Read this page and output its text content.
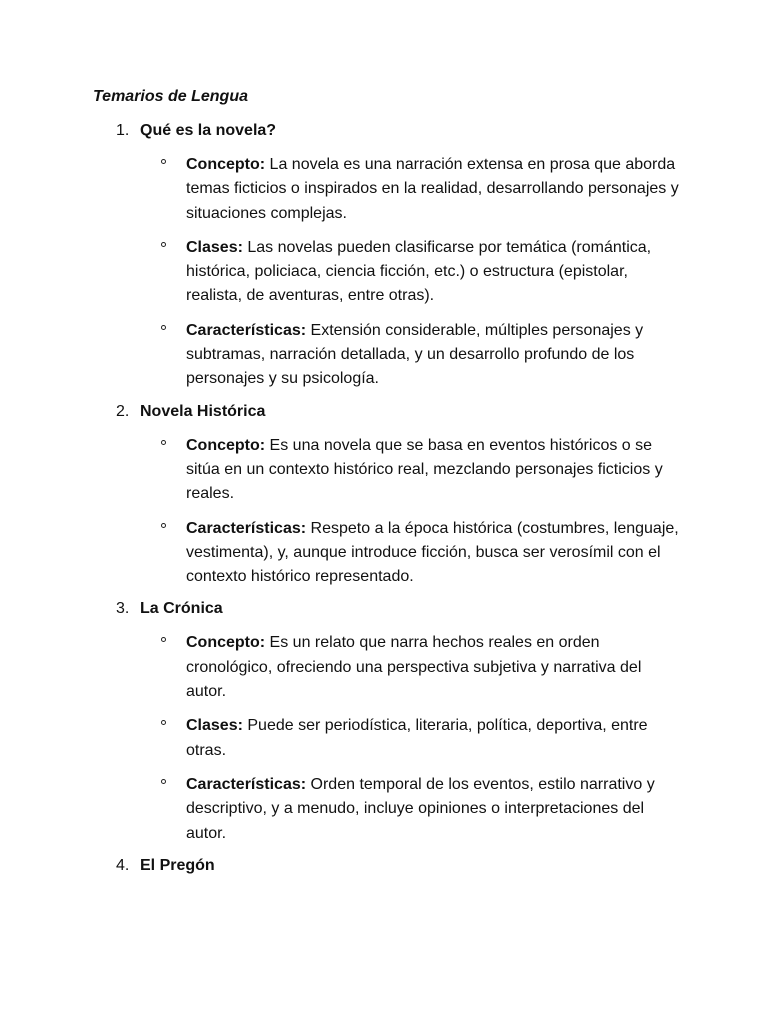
Temarios de Lengua

1. Qué es la novela?
Concepto: La novela es una narración extensa en prosa que aborda temas ficticios o inspirados en la realidad, desarrollando personajes y situaciones complejas.
Clases: Las novelas pueden clasificarse por temática (romántica, histórica, policiaca, ciencia ficción, etc.) o estructura (epistolar, realista, de aventuras, entre otras).
Características: Extensión considerable, múltiples personajes y subtramas, narración detallada, y un desarrollo profundo de los personajes y su psicología.
2. Novela Histórica
Concepto: Es una novela que se basa en eventos históricos o se sitúa en un contexto histórico real, mezclando personajes ficticios y reales.
Características: Respeto a la época histórica (costumbres, lenguaje, vestimenta), y, aunque introduce ficción, busca ser verosímil con el contexto histórico representado.
3. La Crónica
Concepto: Es un relato que narra hechos reales en orden cronológico, ofreciendo una perspectiva subjetiva y narrativa del autor.
Clases: Puede ser periodística, literaria, política, deportiva, entre otras.
Características: Orden temporal de los eventos, estilo narrativo y descriptivo, y a menudo, incluye opiniones o interpretaciones del autor.
4. El Pregón
